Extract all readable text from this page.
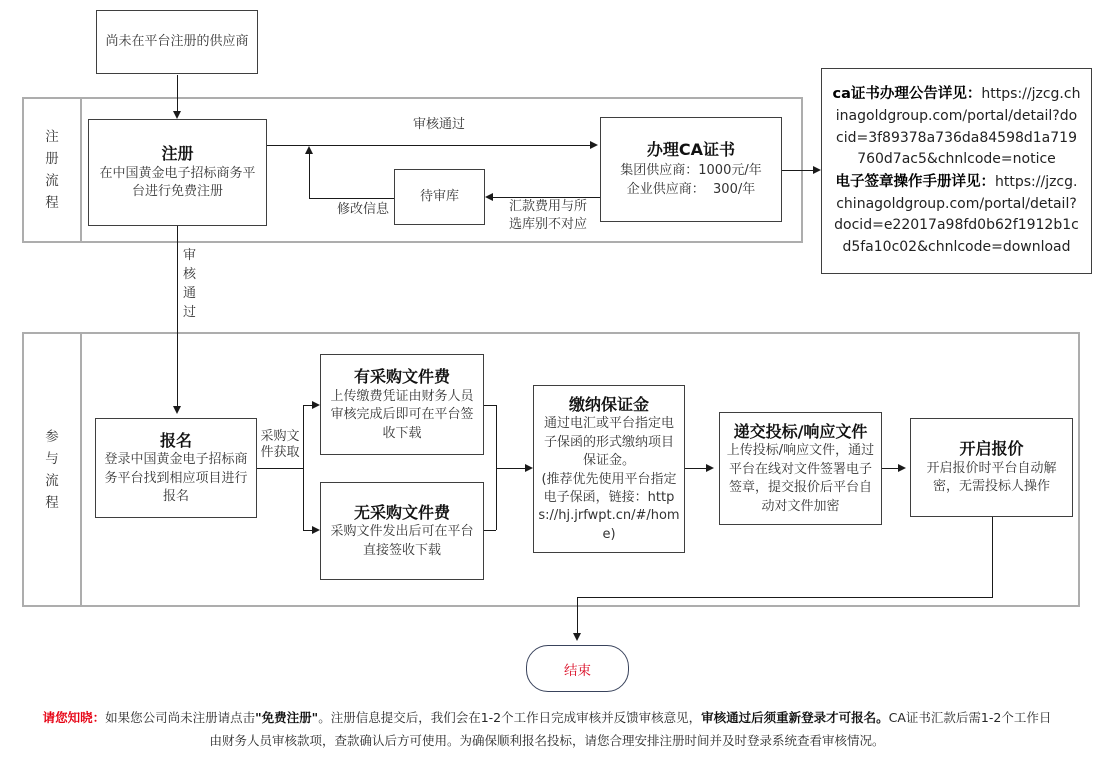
注册流程
参与流程
尚未在平台注册的供应商
注册
在中国黄金电子招标商务平台进行免费注册	待审库
办理CA证书
集团供应商：1000元/年
企业供应商：  300/年
ca证书办理公告详见：https://jzcg.chinagoldgroup.com/portal/detail?docid=3f89378a736da84598d1a719760d7ac5&chnlcode=notice
电子签章操作手册详见：https://jzcg.chinagoldgroup.com/portal/detail?docid=e22017a98fd0b62f1912b1cd5fa10c02&chnlcode=download
报名
登录中国黄金电子招标商务平台找到相应项目进行报名
有采购文件费
上传缴费凭证由财务人员审核完成后即可在平台签收下载
无采购文件费
采购文件发出后可在平台直接签收下载
缴纳保证金
通过电汇或平台指定电子保函的形式缴纳项目保证金。
(推荐优先使用平台指定电子保函，链接：https://hj.jrfwpt.cn/#/home)
递交投标/响应文件
上传投标/响应文件，通过平台在线对文件签署电子签章，提交报价后平台自动对文件加密
开启报价
开启报价时平台自动解密，无需投标人操作
结束
审核通过
修改信息	汇款费用与所选库别不对应
审核通过
采购文件获取
请您知晓：如果您公司尚未注册请点击"免费注册"。注册信息提交后，我们会在1-2个工作日完成审核并反馈审核意见，审核通过后须重新登录才可报名。CA证书汇款后需1-2个工作日由财务人员审核款项，查款确认后方可使用。为确保顺利报名投标，请您合理安排注册时间并及时登录系统查看审核情况。
